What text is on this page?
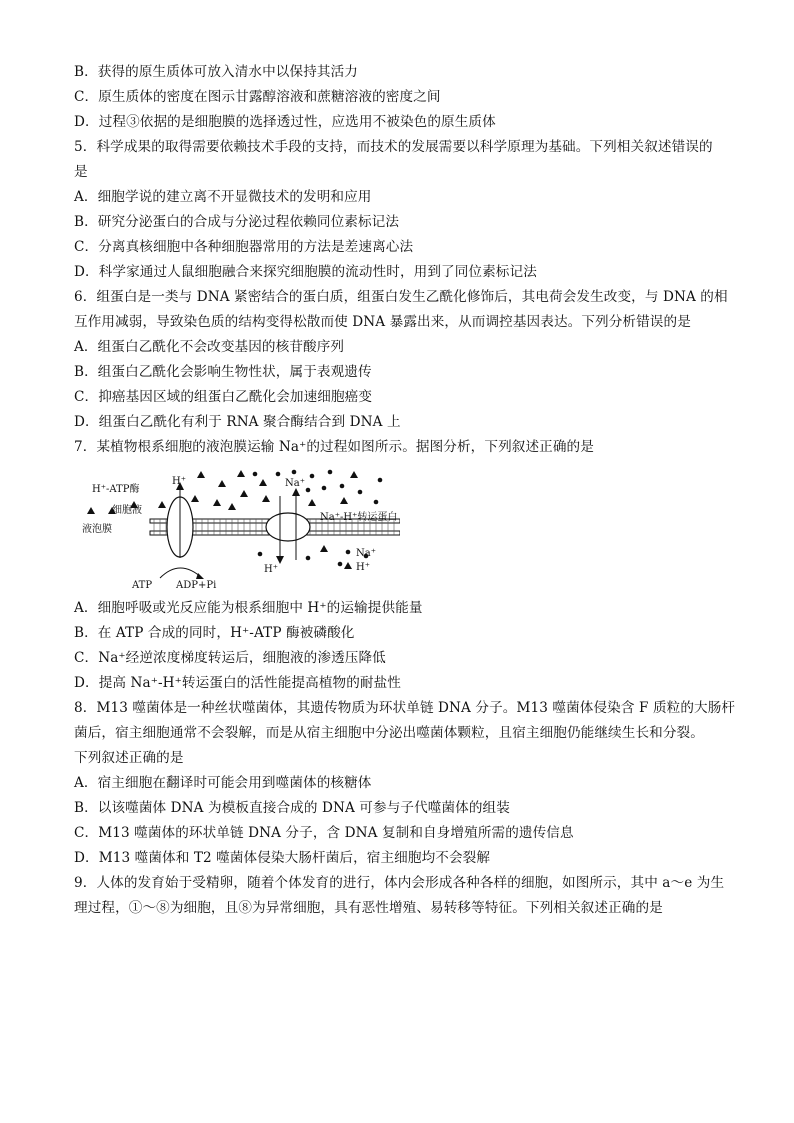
B．获得的原生质体可放入清水中以保持其活力
C．原生质体的密度在图示甘露醇溶液和蔗糖溶液的密度之间
D．过程③依据的是细胞膜的选择透过性，应选用不被染色的原生质体
5．科学成果的取得需要依赖技术手段的支持，而技术的发展需要以科学原理为基础。下列相关叙述错误的
是
A．细胞学说的建立离不开显微技术的发明和应用
B．研究分泌蛋白的合成与分泌过程依赖同位素标记法
C．分离真核细胞中各种细胞器常用的方法是差速离心法
D．科学家通过人鼠细胞融合来探究细胞膜的流动性时，用到了同位素标记法
6．组蛋白是一类与 DNA 紧密结合的蛋白质，组蛋白发生乙酰化修饰后，其电荷会发生改变，与 DNA 的相
互作用减弱，导致染色质的结构变得松散而使 DNA 暴露出来，从而调控基因表达。下列分析错误的是
A．组蛋白乙酰化不会改变基因的核苷酸序列
B．组蛋白乙酰化会影响生物性状，属于表观遗传
C．抑癌基因区域的组蛋白乙酰化会加速细胞癌变
D．组蛋白乙酰化有利于 RNA 聚合酶结合到 DNA 上
7．某植物根系细胞的液泡膜运输 Na⁺的过程如图所示。据图分析，下列叙述正确的是
H⁺-ATP酶
H⁺	Na⁺
Na⁺-H⁺转运蛋白
细胞液
液泡膜
ATP ADP+Pi
H⁺
Na⁺
H⁺
A．细胞呼吸或光反应能为根系细胞中 H⁺的运输提供能量
B．在 ATP 合成的同时，H⁺-ATP 酶被磷酸化
C．Na⁺经逆浓度梯度转运后，细胞液的渗透压降低
D．提高 Na⁺-H⁺转运蛋白的活性能提高植物的耐盐性
8．M13 噬菌体是一种丝状噬菌体，其遗传物质为环状单链 DNA 分子。M13 噬菌体侵染含 F 质粒的大肠杆
菌后，宿主细胞通常不会裂解，而是从宿主细胞中分泌出噬菌体颗粒，且宿主细胞仍能继续生长和分裂。
下列叙述正确的是
A．宿主细胞在翻译时可能会用到噬菌体的核糖体
B．以该噬菌体 DNA 为模板直接合成的 DNA 可参与子代噬菌体的组装
C．M13 噬菌体的环状单链 DNA 分子，含 DNA 复制和自身增殖所需的遗传信息
D．M13 噬菌体和 T2 噬菌体侵染大肠杆菌后，宿主细胞均不会裂解
9．人体的发育始于受精卵，随着个体发育的进行，体内会形成各种各样的细胞，如图所示，其中 a～e 为生
理过程，①～⑧为细胞，且⑧为异常细胞，具有恶性增殖、易转移等特征。下列相关叙述正确的是
